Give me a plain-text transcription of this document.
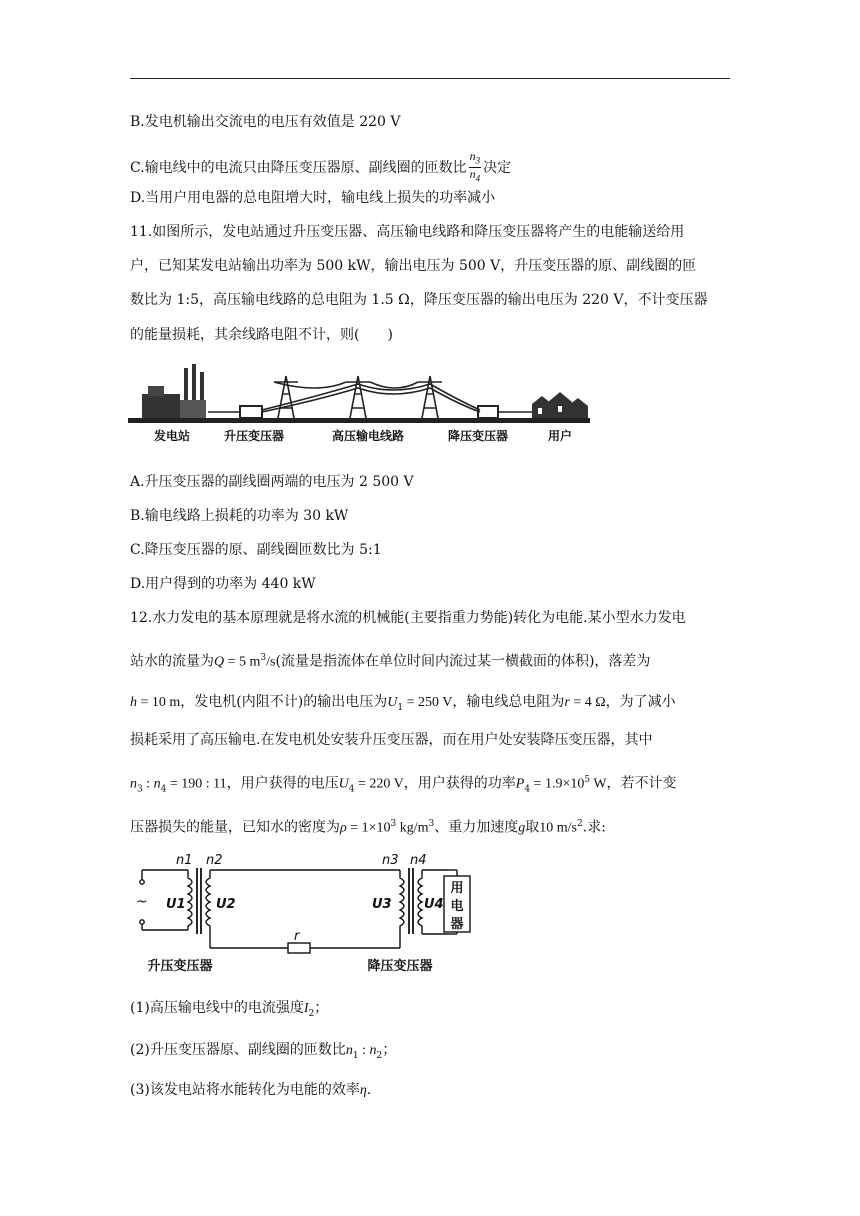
B.发电机输出交流电的电压有效值是 220 V
C.输电线中的电流只由降压变压器原、副线圈的匝数比 $\frac{n_3}{n_4}$ 决定
D.当用户用电器的总电阻增大时，输电线上损失的功率减小
11.如图所示，发电站通过升压变压器、高压输电线路和降压变压器将产生的电能输送给用
户，已知某发电站输出功率为 500 kW，输出电压为 500 V，升压变压器的原、副线圈的匝
数比为 1:5，高压输电线路的总电阻为 1.5 Ω，降压变压器的输出电压为 220 V，不计变压器
的能量损耗，其余线路电阻不计，则(　　)
发电站	升压变压器	高压输电线路	降压变压器	用户
A.升压变压器的副线圈两端的电压为 2 500 V
B.输电线路上损耗的功率为 30 kW
C.降压变压器的原、副线圈匝数比为 5:1
D.用户得到的功率为 440 kW
12.水力发电的基本原理就是将水流的机械能(主要指重力势能)转化为电能.某小型水力发电
站水的流量为Q = 5 $m^3/s$(流量是指流体在单位时间内流过某一横截面的体积)，落差为
h = 10 m，发电机(内阻不计)的输出电压为$U_1 = 250$ V，输电线总电阻为r = 4 Ω，为了减小
损耗采用了高压输电.在发电机处安装升压变压器，而在用户处安装降压变压器，其中
$n_3$ : $n_4 = 190$ : 11，用户获得的电压$U_4 = 220$ V，用户获得的功率$P_4 = 1.9\times 10^5$ W，若不计变
压器损失的能量，已知水的密度为$\rho = 1\times 10^3$ $kg/m^3$、重力加速度g取10 $m/s^2$.求:
n1 n2	n3 n4
U1 U2	U3 U4
r
~
用
电
器
升压变压器	降压变压器
(1)高压输电线中的电流强度$I_2$；
(2)升压变压器原、副线圈的匝数比$n_1$ : $n_2$；
(3)该发电站将水能转化为电能的效率η.
